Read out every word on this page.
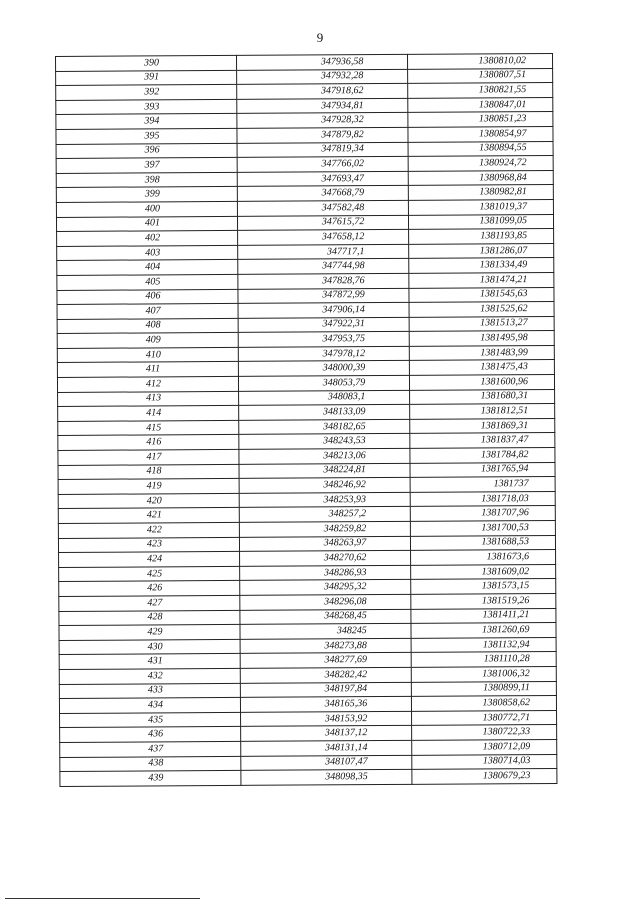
9
390	347936,58	1380810,02
391	347932,28	1380807,51
392	347918,62	1380821,55
393	347934,81	1380847,01
394	347928,32	1380851,23
395	347879,82	1380854,97
396	347819,34	1380894,55
397	347766,02	1380924,72
398	347693,47	1380968,84
399	347668,79	1380982,81
400	347582,48	1381019,37
401	347615,72	1381099,05
402	347658,12	1381193,85
403	347717,1	1381286,07
404	347744,98	1381334,49
405	347828,76	1381474,21
406	347872,99	1381545,63
407	347906,14	1381525,62
408	347922,31	1381513,27
409	347953,75	1381495,98
410	347978,12	1381483,99
411	348000,39	1381475,43
412	348053,79	1381600,96
413	348083,1	1381680,31
414	348133,09	1381812,51
415	348182,65	1381869,31
416	348243,53	1381837,47
417	348213,06	1381784,82
418	348224,81	1381765,94
419	348246,92	1381737
420	348253,93	1381718,03
421	348257,2	1381707,96
422	348259,82	1381700,53
423	348263,97	1381688,53
424	348270,62	1381673,6
425	348286,93	1381609,02
426	348295,32	1381573,15
427	348296,08	1381519,26
428	348268,45	1381411,21
429	348245	1381260,69
430	348273,88	1381132,94
431	348277,69	1381110,28
432	348282,42	1381006,32
433	348197,84	1380899,11
434	348165,36	1380858,62
435	348153,92	1380772,71
436	348137,12	1380722,33
437	348131,14	1380712,09
438	348107,47	1380714,03
439	348098,35	1380679,23
